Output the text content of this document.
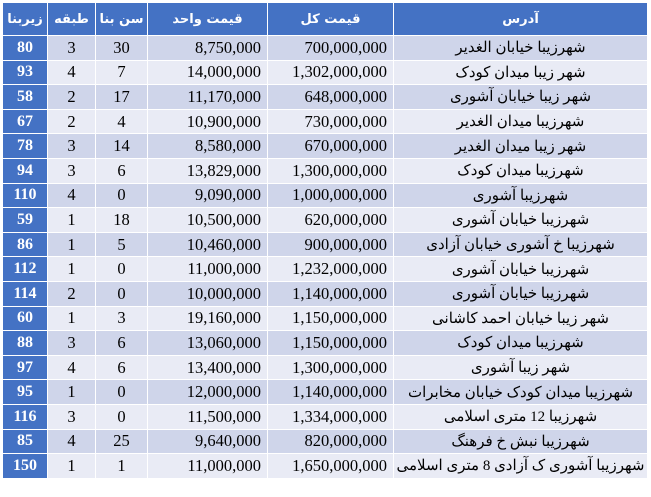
زیربنا	طبقه	سن بنا	قیمت واحد	قیمت کل	آدرس
80	3	30	8,750,000	700,000,000	شهرزیبا خیابان الغدیر
93	4	7	14,000,000	1,302,000,000	شهر زیبا میدان کودک
58	2	17	11,170,000	648,000,000	شهر زیبا خیابان آشوری
67	2	4	10,900,000	730,000,000	شهرزیبا میدان الغدیر
78	3	14	8,580,000	670,000,000	شهر زیبا میدان الغدیر
94	3	6	13,829,000	1,300,000,000	شهرزیبا میدان کودک
110	4	0	9,090,000	1,000,000,000	شهرزیبا آشوری
59	1	18	10,500,000	620,000,000	شهرزیبا خیابان آشوری
86	1	5	10,460,000	900,000,000	شهرزیبا خ آشوری خیابان آزادی
112	1	0	11,000,000	1,232,000,000	شهرزیبا خیابان آشوری
114	2	0	10,000,000	1,140,000,000	شهرزیبا خیابان آشوری
60	1	3	19,160,000	1,150,000,000	شهر زیبا خیابان احمد کاشانی
88	3	6	13,060,000	1,150,000,000	شهرزیبا میدان کودک
97	4	6	13,400,000	1,300,000,000	شهر زیبا آشوری
95	1	0	12,000,000	1,140,000,000	شهرزیبا میدان کودک خیابان مخابرات
116	3	0	11,500,000	1,334,000,000	شهرزیبا 12 متری اسلامی
85	4	25	9,640,000	820,000,000	شهرزیبا نبش خ فرهنگ
150	1	1	11,000,000	1,650,000,000	شهرزیبا آشوری ک آزادی 8 متری اسلامی
